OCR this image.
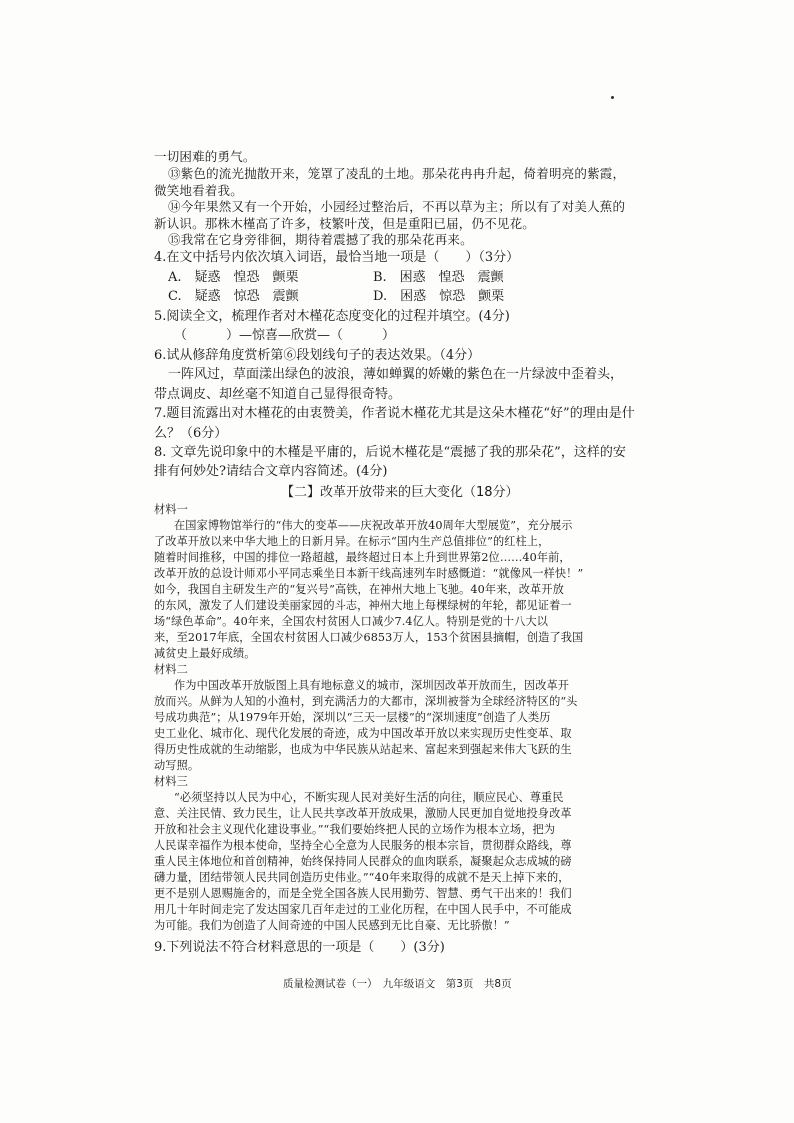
一切困难的勇气。
⑬紫色的流光抛散开来，笼罩了凌乱的土地。那朵花冉冉升起，倚着明亮的紫霞，
微笑地看着我。
⑭今年果然又有一个开始，小园经过整治后，不再以草为主；所以有了对美人蕉的
新认识。那株木槿高了许多，枝繁叶茂，但是重阳已届，仍不见花。
⑮我常在它身旁徘徊，期待着震撼了我的那朵花再来。
4.在文中括号内依次填入词语，最恰当地一项是（　　）（3分）
A.　疑惑　惶恐　颤栗	B.　困惑　惶恐　震颤
C.　疑惑　惊恐　震颤	D.　困惑　惊恐　颤栗
5.阅读全文，梳理作者对木槿花态度变化的过程并填空。(4分)
（　　　）—惊喜—欣赏—（　　　）
6.试从修辞角度赏析第⑥段划线句子的表达效果。（4分）
一阵风过，草面漾出绿色的波浪，薄如蝉翼的娇嫩的紫色在一片绿波中歪着头，
带点调皮、却丝毫不知道自己显得很奇特。
7.题目流露出对木槿花的由衷赞美，作者说木槿花尤其是这朵木槿花“好”的理由是什
么？（6分）
8. 文章先说印象中的木槿是平庸的，后说木槿花是“震撼了我的那朵花”，这样的安
排有何妙处?请结合文章内容简述。(4分)
【二】改革开放带来的巨大变化（18分）
材料一
在国家博物馆举行的“伟大的变革——庆祝改革开放40周年大型展览”，充分展示
了改革开放以来中华大地上的日新月异。在标示“国内生产总值排位”的红柱上，
随着时间推移，中国的排位一路超越，最终超过日本上升到世界第2位……40年前，
改革开放的总设计师邓小平同志乘坐日本新干线高速列车时感慨道：“就像风一样快！”
如今，我国自主研发生产的“复兴号”高铁，在神州大地上飞驰。40年来，改革开放
的东风，激发了人们建设美丽家园的斗志，神州大地上每棵绿树的年轮，都见证着一
场“绿色革命”。40年来，全国农村贫困人口减少7.4亿人。特别是党的十八大以
来，至2017年底，全国农村贫困人口减少6853万人，153个贫困县摘帽，创造了我国
减贫史上最好成绩。
材料二
作为中国改革开放版图上具有地标意义的城市，深圳因改革开放而生，因改革开
放而兴。从鲜为人知的小渔村，到充满活力的大都市，深圳被誉为全球经济特区的“头
号成功典范”；从1979年开始，深圳以“三天一层楼”的“深圳速度”创造了人类历
史工业化、城市化、现代化发展的奇迹，成为中国改革开放以来实现历史性变革、取
得历史性成就的生动缩影，也成为中华民族从站起来、富起来到强起来伟大飞跃的生
动写照。
材料三
“必须坚持以人民为中心，不断实现人民对美好生活的向往，顺应民心、尊重民
意、关注民情、致力民生，让人民共享改革开放成果，激励人民更加自觉地投身改革
开放和社会主义现代化建设事业。”“我们要始终把人民的立场作为根本立场，把为
人民谋幸福作为根本使命，坚持全心全意为人民服务的根本宗旨，贯彻群众路线，尊
重人民主体地位和首创精神，始终保持同人民群众的血肉联系，凝聚起众志成城的磅
礴力量，团结带领人民共同创造历史伟业。”“40年来取得的成就不是天上掉下来的，
更不是别人恩赐施舍的，而是全党全国各族人民用勤劳、智慧、勇气干出来的！我们
用几十年时间走完了发达国家几百年走过的工业化历程，在中国人民手中，不可能成
为可能。我们为创造了人间奇迹的中国人民感到无比自豪、无比骄傲！”
9.下列说法不符合材料意思的一项是（　　）(3分)
质量检测试卷（一）　九年级语文　第3页　共8页
